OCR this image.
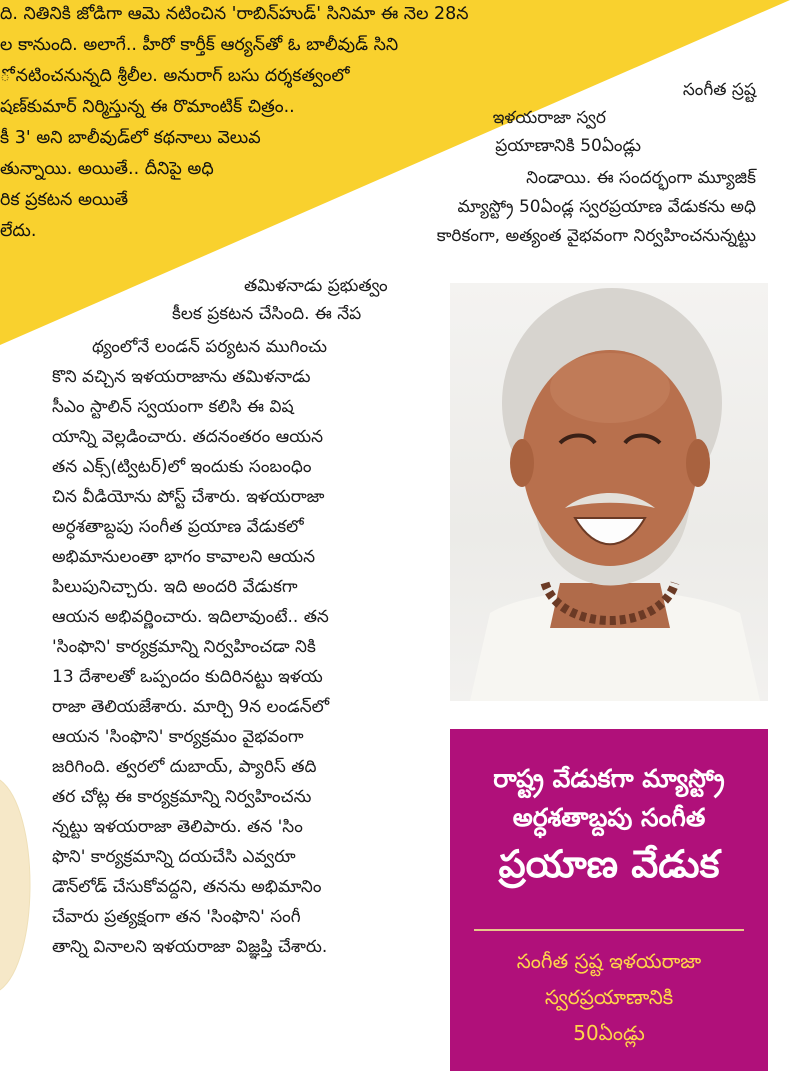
ది. నితినికి జోడిగా ఆమె నటించిన 'రాబిన్‌హుడ్' సినిమా ఈ నెల 28న
ల కానుంది. అలాగే.. హీరో కార్తీక్ ఆర్యన్‌తో ఓ బాలీవుడ్ సిని
ో నటించనున్నది శ్రీలీల. అనురాగ్ బసు దర్శకత్వంలో
షణ్‌కుమార్ నిర్మిస్తున్న ఈ రొమాంటిక్ చిత్రం..
కీ 3' అని బాలీవుడ్‌లో కథనాలు వెలువ
తున్నాయి. అయితే.. దీనిపై అధి
రిక ప్రకటన అయితే
లేదు.
సంగీత స్రష్ట
ఇళయరాజా స్వర
ప్రయాణానికి 50ఏండ్లు
నిండాయి. ఈ సందర్భంగా మ్యూజిక్
మ్యాస్ట్రో 50ఏండ్ల స్వరప్రయాణ వేడుకను అధి
కారికంగా, అత్యంత వైభవంగా నిర్వహించనున్నట్టు
తమిళనాడు ప్రభుత్వం
కీలక ప్రకటన చేసింది. ఈ నేప
థ్యంలోనే లండన్ పర్యటన ముగించు
కొని వచ్చిన ఇళయరాజాను తమిళనాడు
సీఎం స్టాలిన్ స్వయంగా కలిసి ఈ విష
యాన్ని వెల్లడించారు. తదనంతరం ఆయన
తన ఎక్స్(ట్విటర్)లో ఇందుకు సంబంధిం
చిన వీడియోను పోస్ట్ చేశారు. ఇళయరాజా
అర్ధశతాబ్దపు సంగీత ప్రయాణ వేడుకలో
అభిమానులంతా భాగం కావాలని ఆయన
పిలుపునిచ్చారు. ఇది అందరి వేడుకగా
ఆయన అభివర్ణించారు. ఇదిలావుంటే.. తన
'సింఫొని' కార్యక్రమాన్ని నిర్వహించడా నికి
13 దేశాలతో ఒప్పందం కుదిరినట్టు ఇళయ
రాజా తెలియజేశారు. మార్చి 9న లండన్‌లో
ఆయన 'సింఫొని' కార్యక్రమం వైభవంగా
జరిగింది. త్వరలో దుబాయ్, ప్యారిస్ తది
తర చోట్ల ఈ కార్యక్రమాన్ని నిర్వహించను
న్నట్టు ఇళయరాజా తెలిపారు. తన 'సిం
ఫొని' కార్యక్రమాన్ని దయచేసి ఎవ్వరూ
డౌన్‌లోడ్ చేసుకోవద్దని, తనను అభిమానిం
చేవారు ప్రత్యక్షంగా తన 'సింఫొని' సంగీ
తాన్ని వినాలని ఇళయరాజా విజ్ఞప్తి చేశారు.
రాష్ట్ర వేడుకగా మ్యాస్ట్రో
అర్ధశతాబ్దపు సంగీత
ప్రయాణ వేడుక
సంగీత స్రష్ట ఇళయరాజా
స్వరప్రయాణానికి
50ఏండ్లు
